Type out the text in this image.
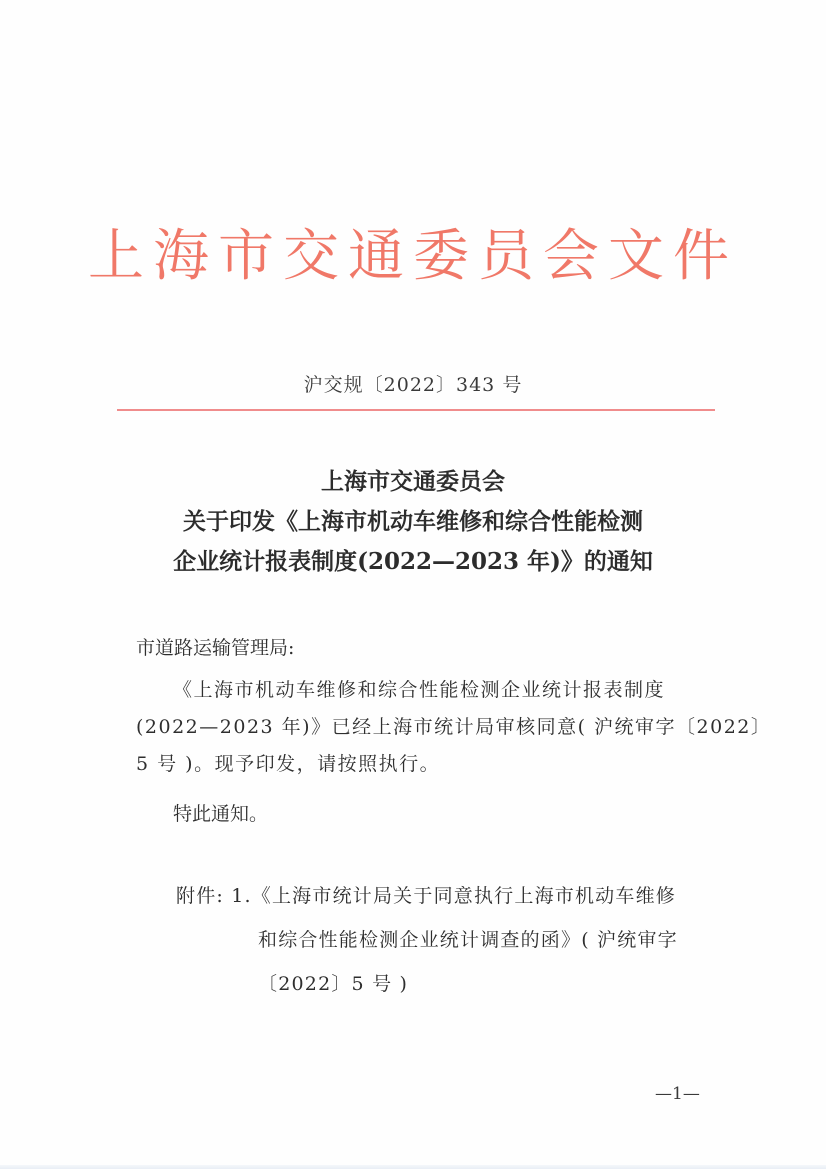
上海市交通委员会文件
沪交规〔2022〕343 号
上海市交通委员会
关于印发《上海市机动车维修和综合性能检测
企业统计报表制度(2022—2023 年)》的通知
市道路运输管理局:
《上海市机动车维修和综合性能检测企业统计报表制度
(2022—2023 年)》已经上海市统计局审核同意( 沪统审字〔2022〕
5 号 )。现予印发，请按照执行。
特此通知。
附件: 1.《上海市统计局关于同意执行上海市机动车维修
和综合性能检测企业统计调查的函》( 沪统审字
〔2022〕5 号 )
—1—
